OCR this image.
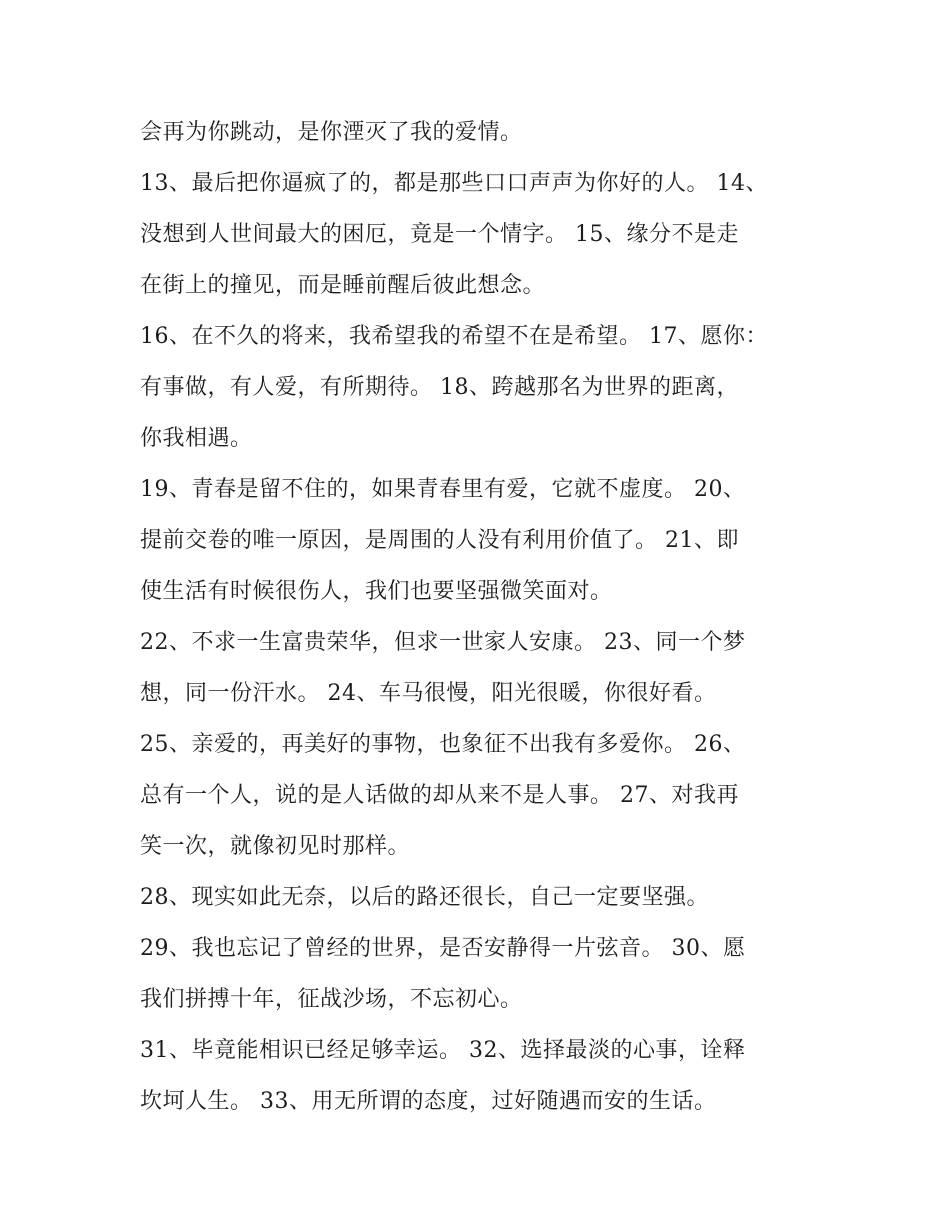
会再为你跳动，是你湮灭了我的爱情。
13、最后把你逼疯了的，都是那些口口声声为你好的人。 14、
没想到人世间最大的困厄，竟是一个情字。 15、缘分不是走
在街上的撞见，而是睡前醒后彼此想念。
16、在不久的将来，我希望我的希望不在是希望。 17、愿你：
有事做，有人爱，有所期待。 18、跨越那名为世界的距离，
你我相遇。
19、青春是留不住的，如果青春里有爱，它就不虚度。 20、
提前交卷的唯一原因，是周围的人没有利用价值了。 21、即
使生活有时候很伤人，我们也要坚强微笑面对。
22、不求一生富贵荣华，但求一世家人安康。 23、同一个梦
想，同一份汗水。 24、车马很慢，阳光很暖，你很好看。
25、亲爱的，再美好的事物，也象征不出我有多爱你。 26、
总有一个人，说的是人话做的却从来不是人事。 27、对我再
笑一次，就像初见时那样。
28、现实如此无奈，以后的路还很长，自己一定要坚强。
29、我也忘记了曾经的世界，是否安静得一片弦音。 30、愿
我们拼搏十年，征战沙场，不忘初心。
31、毕竟能相识已经足够幸运。 32、选择最淡的心事，诠释
坎坷人生。 33、用无所谓的态度，过好随遇而安的生话。
